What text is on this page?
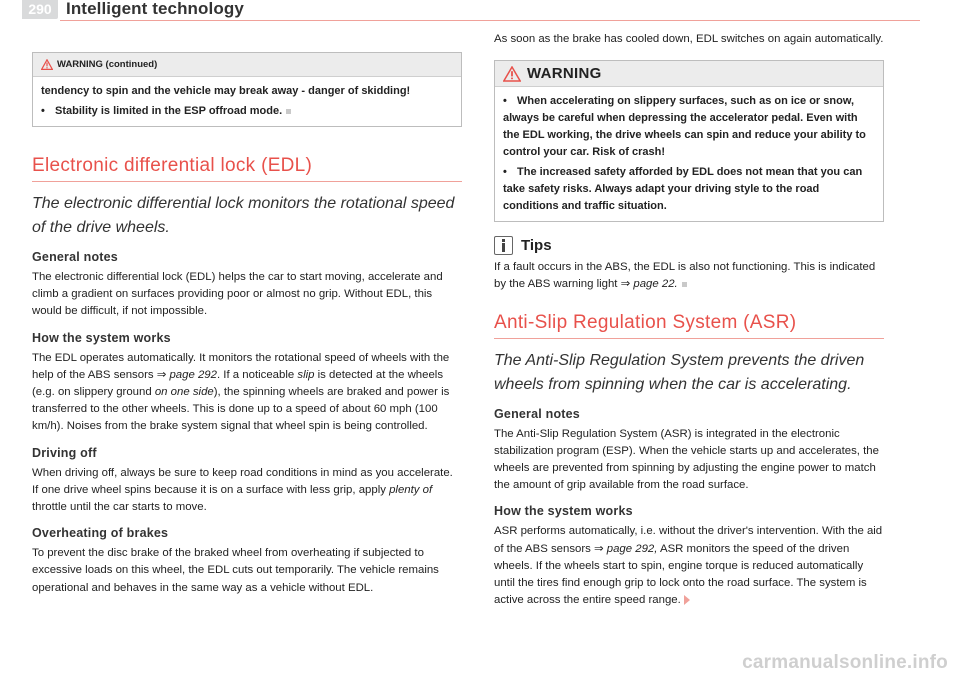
290 Intelligent technology
WARNING (continued)

tendency to spin and the vehicle may break away - danger of skidding!

• Stability is limited in the ESP offroad mode.

Electronic differential lock (EDL)
The electronic differential lock monitors the rotational speed of the drive wheels.
General notes

The electronic differential lock (EDL) helps the car to start moving, accelerate and climb a gradient on surfaces providing poor or almost no grip. Without EDL, this would be difficult, if not impossible.

How the system works

The EDL operates automatically. It monitors the rotational speed of wheels with the help of the ABS sensors ⇒ page 292. If a noticeable slip is detected at the wheels (e.g. on slippery ground on one side), the spinning wheels are braked and power is transferred to the other wheels. This is done up to a speed of about 60 mph (100 km/h). Noises from the brake system signal that wheel spin is being controlled.

Driving off

When driving off, always be sure to keep road conditions in mind as you accelerate. If one drive wheel spins because it is on a surface with less grip, apply plenty of throttle until the car starts to move.

Overheating of brakes

To prevent the disc brake of the braked wheel from overheating if subjected to excessive loads on this wheel, the EDL cuts out temporarily. The vehicle remains operational and behaves in the same way as a vehicle without EDL.

As soon as the brake has cooled down, EDL switches on again automatically.

WARNING

• When accelerating on slippery surfaces, such as on ice or snow, always be careful when depressing the accelerator pedal. Even with the EDL working, the drive wheels can spin and reduce your ability to control your car. Risk of crash!

• The increased safety afforded by EDL does not mean that you can take safety risks. Always adapt your driving style to the road conditions and traffic situation.

Tips

If a fault occurs in the ABS, the EDL is also not functioning. This is indicated by the ABS warning light ⇒ page 22.

Anti-Slip Regulation System (ASR)
The Anti-Slip Regulation System prevents the driven wheels from spinning when the car is accelerating.
General notes

The Anti-Slip Regulation System (ASR) is integrated in the electronic stabilization program (ESP). When the vehicle starts up and accelerates, the wheels are prevented from spinning by adjusting the engine power to match the amount of grip available from the road surface.

How the system works

ASR performs automatically, i.e. without the driver's intervention. With the aid of the ABS sensors ⇒ page 292, ASR monitors the speed of the driven wheels. If the wheels start to spin, engine torque is reduced automatically until the tires find enough grip to lock onto the road surface. The system is active across the entire speed range.

carmanualsonline.info
